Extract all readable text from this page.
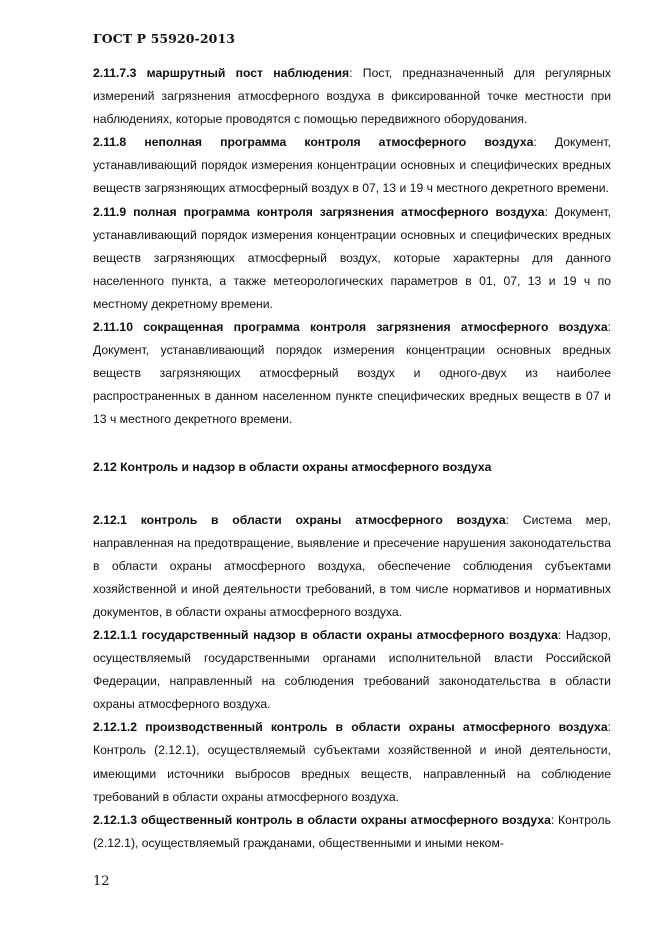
ГОСТ Р 55920-2013

2.11.7.3 маршрутный пост наблюдения: Пост, предназначенный для регулярных измерений загрязнения атмосферного воздуха в фиксированной точке местности при наблюдениях, которые проводятся с помощью передвижного оборудования.

2.11.8 неполная программа контроля атмосферного воздуха: Документ, устанавливающий порядок измерения концентрации основных и специфических вредных веществ загрязняющих атмосферный воздух в 07, 13 и 19 ч местного декретного времени.

2.11.9 полная программа контроля загрязнения атмосферного воздуха: Документ, устанавливающий порядок измерения концентрации основных и специфических вредных веществ загрязняющих атмосферный воздух, которые характерны для данного населенного пункта, а также метеорологических параметров в 01, 07, 13 и 19 ч по местному декретному времени.

2.11.10 сокращенная программа контроля загрязнения атмосферного воздуха: Документ, устанавливающий порядок измерения концентрации основных вредных веществ загрязняющих атмосферный воздух и одного-двух из наиболее распространенных в данном населенном пункте специфических вредных веществ в 07 и 13 ч местного декретного времени.

2.12 Контроль и надзор в области охраны атмосферного воздуха

2.12.1 контроль в области охраны атмосферного воздуха: Система мер, направленная на предотвращение, выявление и пресечение нарушения законодательства в области охраны атмосферного воздуха, обеспечение соблюдения субъектами хозяйственной и иной деятельности требований, в том числе нормативов и нормативных документов, в области охраны атмосферного воздуха.

2.12.1.1 государственный надзор в области охраны атмосферного воздуха: Надзор, осуществляемый государственными органами исполнительной власти Российской Федерации, направленный на соблюдения требований законодательства в области охраны атмосферного воздуха.

2.12.1.2 производственный контроль в области охраны атмосферного воздуха: Контроль (2.12.1), осуществляемый субъектами хозяйственной и иной деятельности, имеющими источники выбросов вредных веществ, направленный на соблюдение требований в области охраны атмосферного воздуха.

2.12.1.3 общественный контроль в области охраны атмосферного воздуха: Контроль (2.12.1), осуществляемый гражданами, общественными и иными неком-

12
